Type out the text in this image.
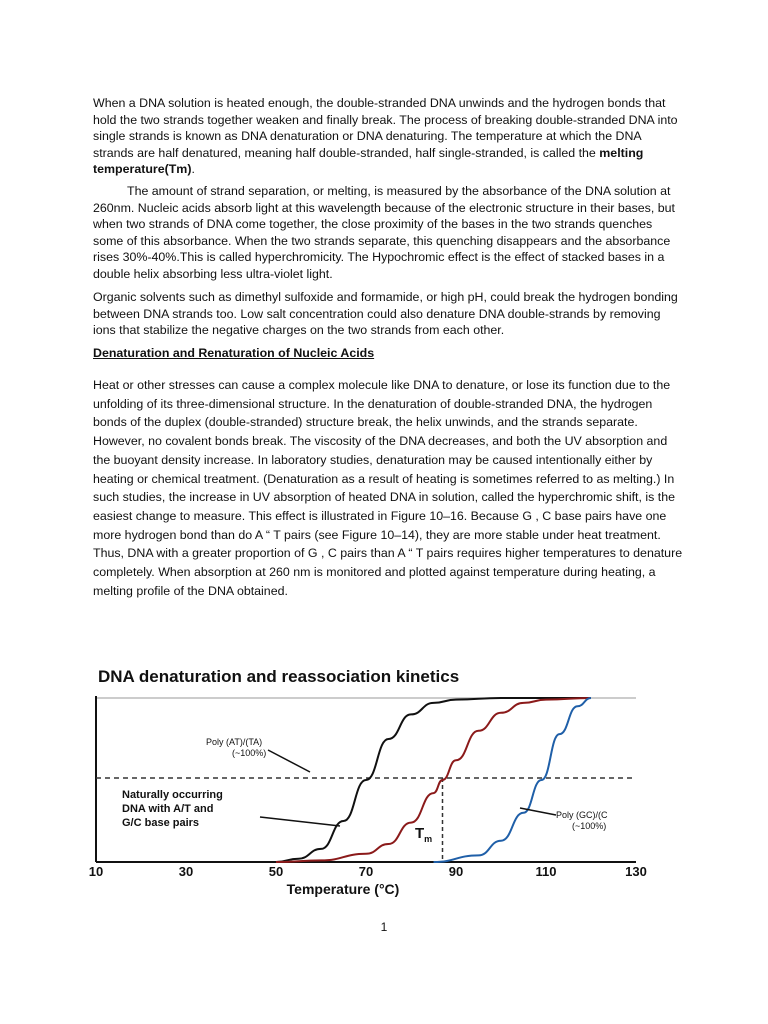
When a DNA solution is heated enough, the double-stranded DNA unwinds and the hydrogen bonds that hold the two strands together weaken and finally break. The process of breaking double-stranded DNA into single strands is known as DNA denaturation or DNA denaturing. The temperature at which the DNA strands are half denatured, meaning half double-stranded, half single-stranded, is called the melting temperature(Tm).

The amount of strand separation, or melting, is measured by the absorbance of the DNA solution at 260nm. Nucleic acids absorb light at this wavelength because of the electronic structure in their bases, but when two strands of DNA come together, the close proximity of the bases in the two strands quenches some of this absorbance. When the two strands separate, this quenching disappears and the absorbance rises 30%-40%.This is called hyperchromicity. The Hypochromic effect is the effect of stacked bases in a double helix absorbing less ultra-violet light.

Organic solvents such as dimethyl sulfoxide and formamide, or high pH, could break the hydrogen bonding between DNA strands too. Low salt concentration could also denature DNA double-strands by removing ions that stabilize the negative charges on the two strands from each other.

Denaturation and Renaturation of Nucleic Acids

Heat or other stresses can cause a complex molecule like DNA to denature, or lose its function due to the unfolding of its three-dimensional structure. In the denaturation of double-stranded DNA, the hydrogen bonds of the duplex (double-stranded) structure break, the helix unwinds, and the strands separate. However, no covalent bonds break. The viscosity of the DNA decreases, and both the UV absorption and the buoyant density increase. In laboratory studies, denaturation may be caused intentionally either by heating or chemical treatment. (Denaturation as a result of heating is sometimes referred to as melting.) In such studies, the increase in UV absorption of heated DNA in solution, called the hyperchromic shift, is the easiest change to measure. This effect is illustrated in Figure 10–16. Because G , C base pairs have one more hydrogen bond than do A “ T pairs (see Figure 10–14), they are more stable under heat treatment. Thus, DNA with a greater proportion of G , C pairs than A “ T pairs requires higher temperatures to denature completely. When absorption at 260 nm is monitored and plotted against temperature during heating, a melting profile of the DNA obtained.

DNA denaturation and reassociation kinetics
10	30	50	70	90	110	130
Temperature (°C)
Poly (AT)/(TA)
(~100%)
Naturally occurring
DNA with A/T and
G/C base pairs
$T_m$
Poly (GC)/(C
(~100%)
1
